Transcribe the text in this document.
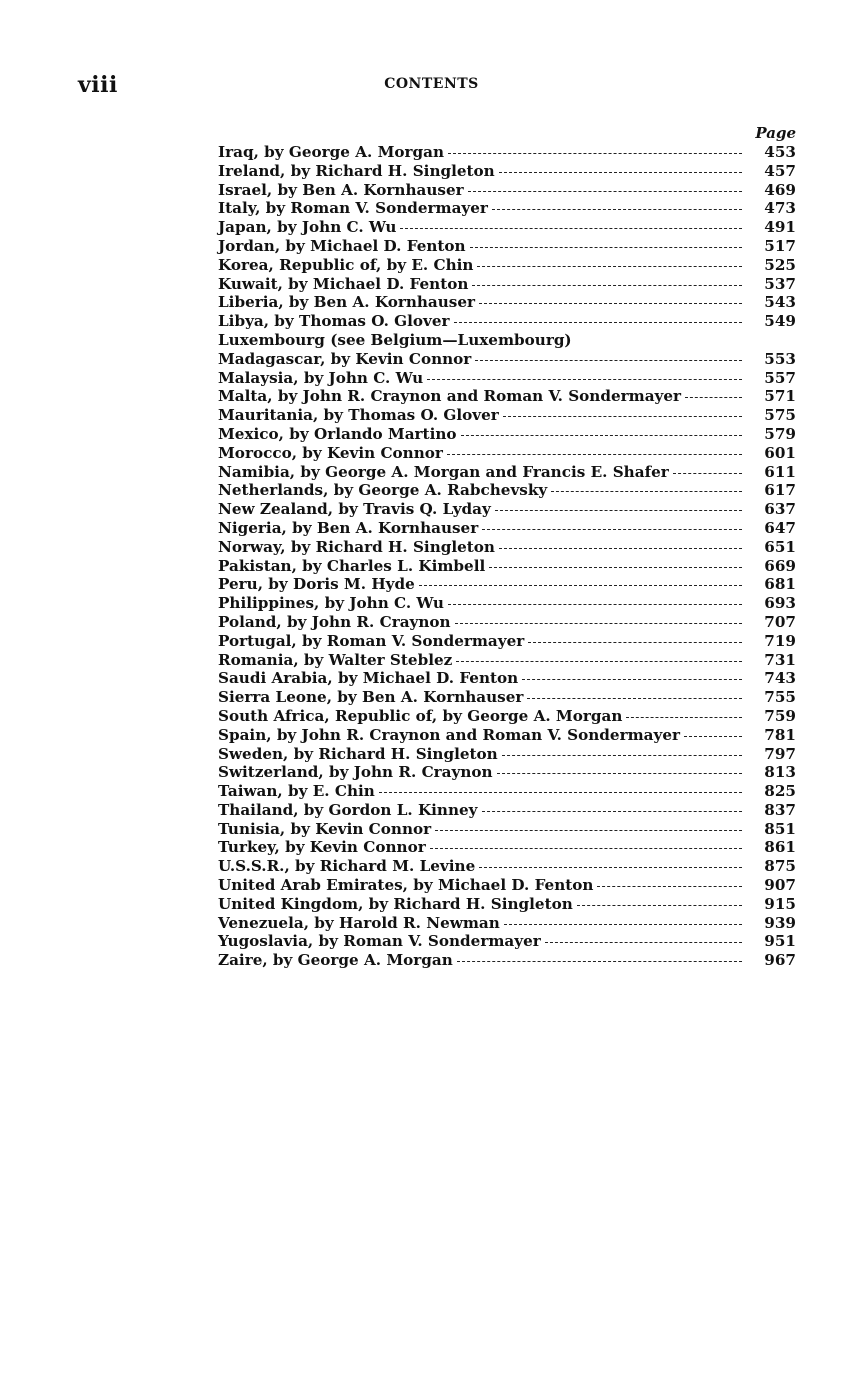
viii	CONTENTS
Page
Iraq, by George A. Morgan	453
Ireland, by Richard H. Singleton	457
Israel, by Ben A. Kornhauser	469
Italy, by Roman V. Sondermayer	473
Japan, by John C. Wu	491
Jordan, by Michael D. Fenton	517
Korea, Republic of, by E. Chin	525
Kuwait, by Michael D. Fenton	537
Liberia, by Ben A. Kornhauser	543
Libya, by Thomas O. Glover	549
Luxembourg (see Belgium—Luxembourg)
Madagascar, by Kevin Connor	553
Malaysia, by John C. Wu	557
Malta, by John R. Craynon and Roman V. Sondermayer	571
Mauritania, by Thomas O. Glover	575
Mexico, by Orlando Martino	579
Morocco, by Kevin Connor	601
Namibia, by George A. Morgan and Francis E. Shafer	611
Netherlands, by George A. Rabchevsky	617
New Zealand, by Travis Q. Lyday	637
Nigeria, by Ben A. Kornhauser	647
Norway, by Richard H. Singleton	651
Pakistan, by Charles L. Kimbell	669
Peru, by Doris M. Hyde	681
Philippines, by John C. Wu	693
Poland, by John R. Craynon	707
Portugal, by Roman V. Sondermayer	719
Romania, by Walter Steblez	731
Saudi Arabia, by Michael D. Fenton	743
Sierra Leone, by Ben A. Kornhauser	755
South Africa, Republic of, by George A. Morgan	759
Spain, by John R. Craynon and Roman V. Sondermayer	781
Sweden, by Richard H. Singleton	797
Switzerland, by John R. Craynon	813
Taiwan, by E. Chin	825
Thailand, by Gordon L. Kinney	837
Tunisia, by Kevin Connor	851
Turkey, by Kevin Connor	861
U.S.S.R., by Richard M. Levine	875
United Arab Emirates, by Michael D. Fenton	907
United Kingdom, by Richard H. Singleton	915
Venezuela, by Harold R. Newman	939
Yugoslavia, by Roman V. Sondermayer	951
Zaire, by George A. Morgan	967
